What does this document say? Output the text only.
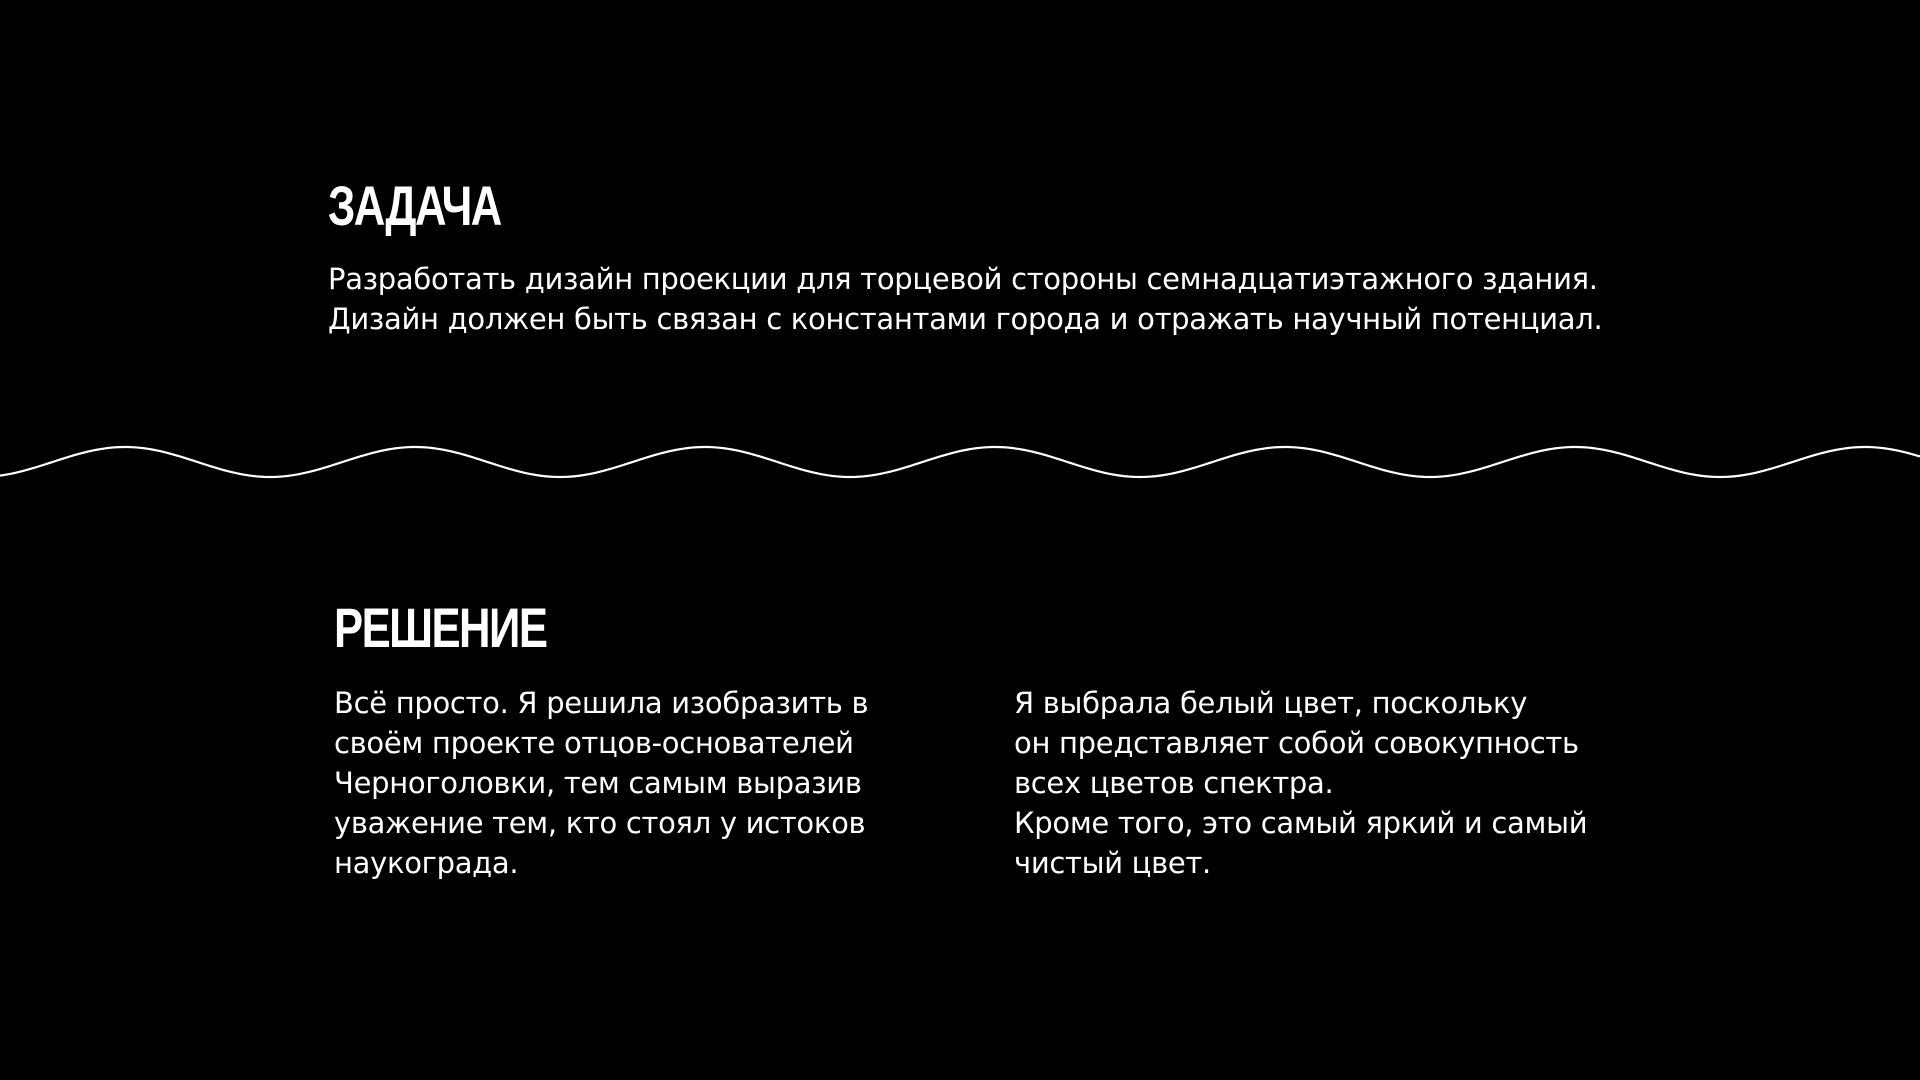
ЗАДАЧА

Разработать дизайн проекции для торцевой стороны семнадцатиэтажного здания.
Дизайн должен быть связан с константами города и отражать научный потенциал.

РЕШЕНИЕ

Всё просто. Я решила изобразить в
своём проекте отцов-основателей
Черноголовки, тем самым выразив
уважение тем, кто стоял у истоков
наукограда.

Я выбрала белый цвет, поскольку
он представляет собой совокупность
всех цветов спектра.
Кроме того, это самый яркий и самый
чистый цвет.
